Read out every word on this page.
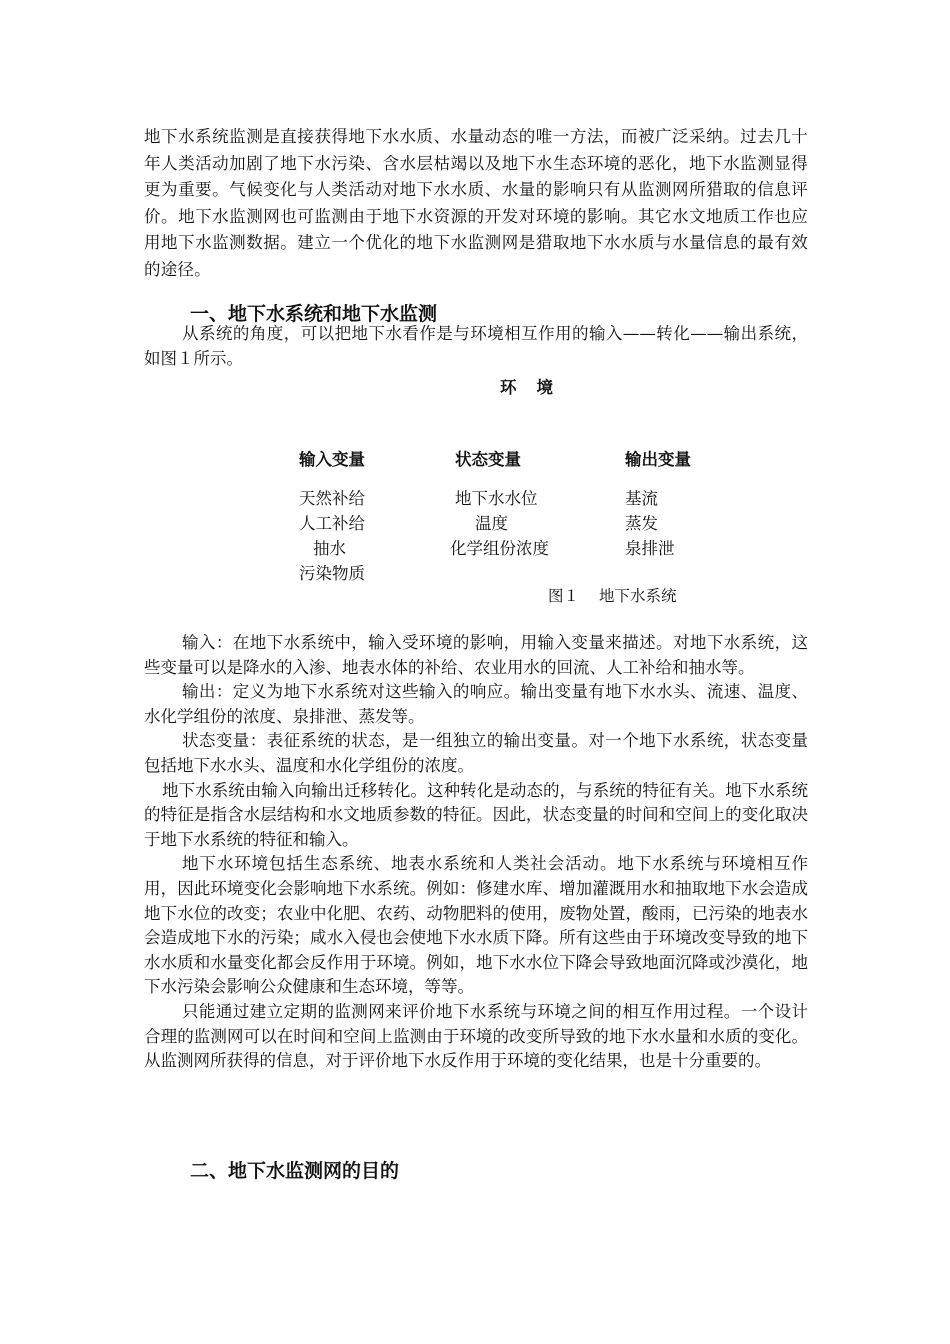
地下水系统监测是直接获得地下水水质、水量动态的唯一方法，而被广泛采纳。过去几十年人类活动加剧了地下水污染、含水层枯竭以及地下水生态环境的恶化，地下水监测显得更为重要。气候变化与人类活动对地下水水质、水量的影响只有从监测网所猎取的信息评价。地下水监测网也可监测由于地下水资源的开发对环境的影响。其它水文地质工作也应用地下水监测数据。建立一个优化的地下水监测网是猎取地下水水质与水量信息的最有效的途径。

一、地下水系统和地下水监测

从系统的角度，可以把地下水看作是与环境相互作用的输入——转化——输出系统，如图１所示。

环 境
输入变量
天然补给
人工补给
抽水
污染物质
状态变量
地下水水位
温度
化学组份浓度
输出变量
基流
蒸发
泉排泄

图１ 地下水系统

输入：在地下水系统中，输入受环境的影响，用输入变量来描述。对地下水系统，这些变量可以是降水的入渗、地表水体的补给、农业用水的回流、人工补给和抽水等。

输出：定义为地下水系统对这些输入的响应。输出变量有地下水水头、流速、温度、水化学组份的浓度、泉排泄、蒸发等。

状态变量：表征系统的状态，是一组独立的输出变量。对一个地下水系统，状态变量包括地下水水头、温度和水化学组份的浓度。

地下水系统由输入向输出迁移转化。这种转化是动态的，与系统的特征有关。地下水系统的特征是指含水层结构和水文地质参数的特征。因此，状态变量的时间和空间上的变化取决于地下水系统的特征和输入。

地下水环境包括生态系统、地表水系统和人类社会活动。地下水系统与环境相互作用，因此环境变化会影响地下水系统。例如：修建水库、增加灌溉用水和抽取地下水会造成地下水位的改变；农业中化肥、农药、动物肥料的使用，废物处置，酸雨，已污染的地表水会造成地下水的污染；咸水入侵也会使地下水水质下降。所有这些由于环境改变导致的地下水水质和水量变化都会反作用于环境。例如，地下水水位下降会导致地面沉降或沙漠化，地下水污染会影响公众健康和生态环境，等等。

只能通过建立定期的监测网来评价地下水系统与环境之间的相互作用过程。一个设计合理的监测网可以在时间和空间上监测由于环境的改变所导致的地下水水量和水质的变化。从监测网所获得的信息，对于评价地下水反作用于环境的变化结果，也是十分重要的。

二、地下水监测网的目的
